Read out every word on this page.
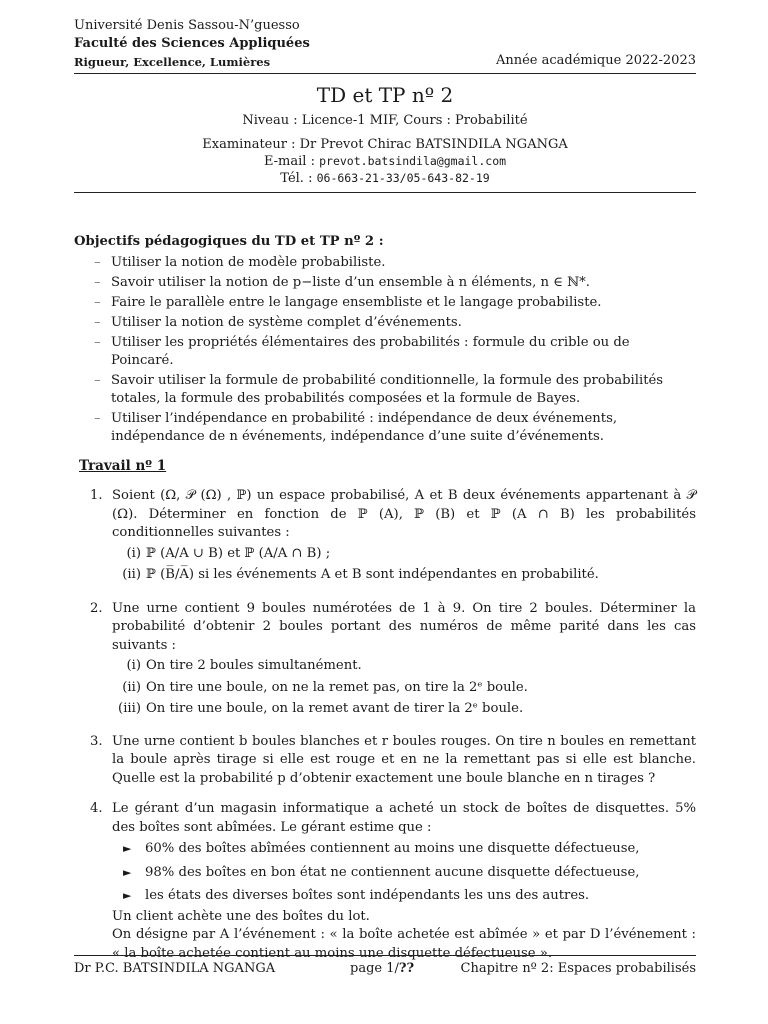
Université Denis Sassou-N’guesso
Faculté des Sciences Appliquées
Rigueur, Excellence, Lumières	Année académique 2022-2023
TD et TP nº 2
Niveau : Licence-1 MIF, Cours : Probabilité
Examinateur : Dr Prevot Chirac BATSINDILA NGANGA
E-mail : prevot.batsindila@gmail.com
Tél. : 06-663-21-33/05-643-82-19
Objectifs pédagogiques du TD et TP nº 2 :
– Utiliser la notion de modèle probabiliste.
– Savoir utiliser la notion de p−liste d’un ensemble à n éléments, n ∈ ℕ*.
– Faire le parallèle entre le langage ensembliste et le langage probabiliste.
– Utiliser la notion de système complet d’événements.
– Utiliser les propriétés élémentaires des probabilités : formule du crible ou de Poincaré.
– Savoir utiliser la formule de probabilité conditionnelle, la formule des probabilités totales, la formule des probabilités composées et la formule de Bayes.
– Utiliser l’indépendance en probabilité : indépendance de deux événements, indépendance de n événements, indépendance d’une suite d’événements.
Travail nº 1
1. Soient (Ω, 𝒫 (Ω) , ℙ) un espace probabilisé, A et B deux événements appartenant à 𝒫 (Ω). Déterminer en fonction de ℙ (A), ℙ (B) et ℙ (A ∩ B) les probabilités conditionnelles suivantes :
(i) ℙ (A/A ∪ B) et ℙ (A/A ∩ B) ;
(ii) ℙ (B̅/A̅) si les événements A et B sont indépendantes en probabilité.
2. Une urne contient 9 boules numérotées de 1 à 9. On tire 2 boules. Déterminer la probabilité d’obtenir 2 boules portant des numéros de même parité dans les cas suivants :
(i) On tire 2 boules simultanément.
(ii) On tire une boule, on ne la remet pas, on tire la 2ᵉ boule.
(iii) On tire une boule, on la remet avant de tirer la 2ᵉ boule.
3. Une urne contient b boules blanches et r boules rouges. On tire n boules en remettant la boule après tirage si elle est rouge et en ne la remettant pas si elle est blanche. Quelle est la probabilité p d’obtenir exactement une boule blanche en n tirages ?
4. Le gérant d’un magasin informatique a acheté un stock de boîtes de disquettes. 5% des boîtes sont abîmées. Le gérant estime que :
► 60% des boîtes abîmées contiennent au moins une disquette défectueuse,
► 98% des boîtes en bon état ne contiennent aucune disquette défectueuse,
► les états des diverses boîtes sont indépendants les uns des autres.
Un client achète une des boîtes du lot.
On désigne par A l’événement : « la boîte achetée est abîmée » et par D l’événement : « la boîte achetée contient au moins une disquette défectueuse ».
Dr P.C. BATSINDILA NGANGA	page 1/??	Chapitre nº 2: Espaces probabilisés
